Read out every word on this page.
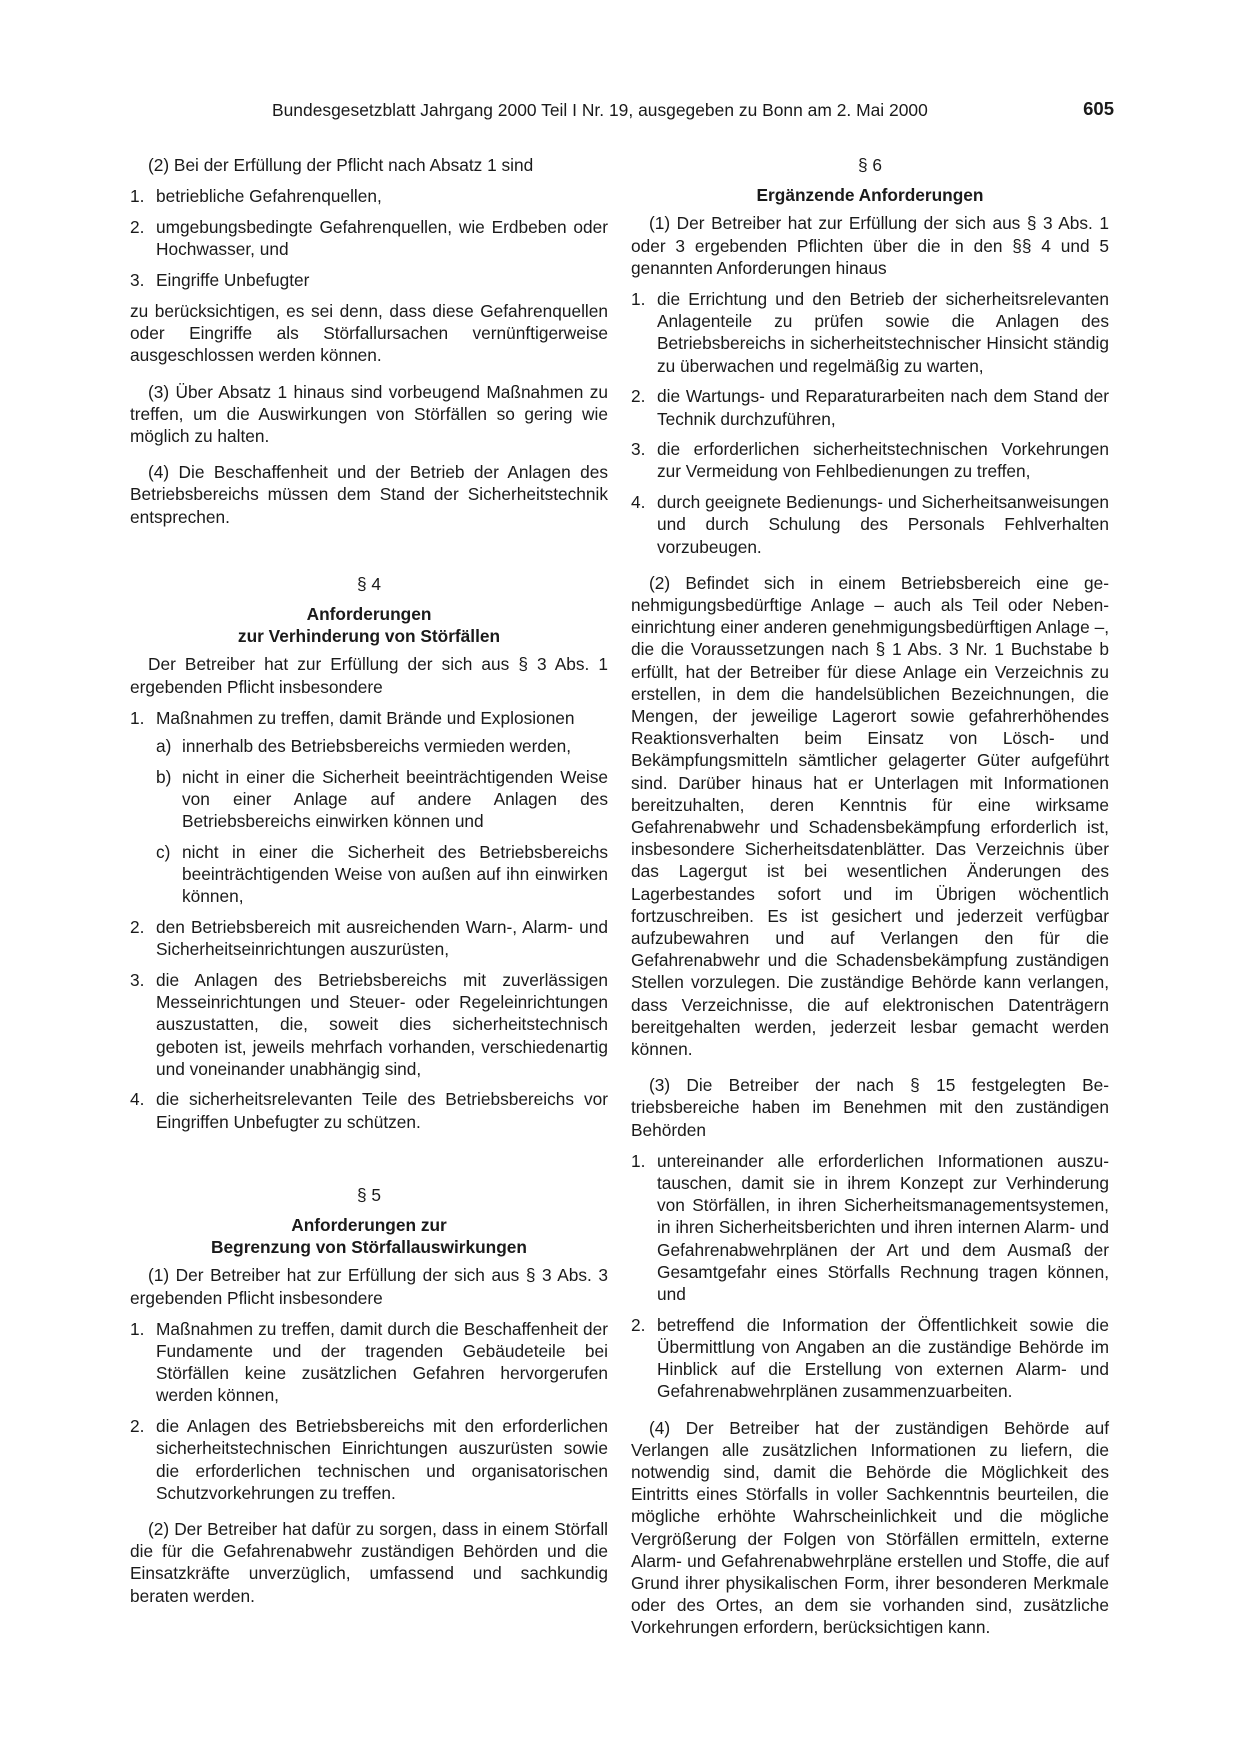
Bundesgesetzblatt Jahrgang 2000 Teil I Nr. 19, ausgegeben zu Bonn am 2. Mai 2000	605

(2) Bei der Erfüllung der Pflicht nach Absatz 1 sind

1. betriebliche Gefahrenquellen,
2. umgebungsbedingte Gefahrenquellen, wie Erdbeben oder Hochwasser, und
3. Eingriffe Unbefugter

zu berücksichtigen, es sei denn, dass diese Gefahrenquellen oder Eingriffe als Störfallursachen vernünftigerweise ausgeschlossen werden können.

(3) Über Absatz 1 hinaus sind vorbeugend Maßnahmen zu treffen, um die Auswirkungen von Störfällen so gering wie möglich zu halten.

(4) Die Beschaffenheit und der Betrieb der Anlagen des Betriebsbereichs müssen dem Stand der Sicherheitstechnik entsprechen.

§ 4
Anforderungen
zur Verhinderung von Störfällen

Der Betreiber hat zur Erfüllung der sich aus § 3 Abs. 1 ergebenden Pflicht insbesondere

1. Maßnahmen zu treffen, damit Brände und Explosionen
a) innerhalb des Betriebsbereichs vermieden werden,
b) nicht in einer die Sicherheit beeinträchtigenden Weise von einer Anlage auf andere Anlagen des Betriebsbereichs einwirken können und
c) nicht in einer die Sicherheit des Betriebsbereichs beeinträchtigenden Weise von außen auf ihn einwirken können,
2. den Betriebsbereich mit ausreichenden Warn-, Alarm- und Sicherheitseinrichtungen auszurüsten,
3. die Anlagen des Betriebsbereichs mit zuverlässigen Messeinrichtungen und Steuer- oder Regeleinrichtungen auszustatten, die, soweit dies sicherheitstechnisch geboten ist, jeweils mehrfach vorhanden, verschiedenartig und voneinander unabhängig sind,
4. die sicherheitsrelevanten Teile des Betriebsbereichs vor Eingriffen Unbefugter zu schützen.
§ 5
Anforderungen zur
Begrenzung von Störfallauswirkungen

(1) Der Betreiber hat zur Erfüllung der sich aus § 3 Abs. 3 ergebenden Pflicht insbesondere

1. Maßnahmen zu treffen, damit durch die Beschaffenheit der Fundamente und der tragenden Gebäudeteile bei Störfällen keine zusätzlichen Gefahren hervorgerufen werden können,
2. die Anlagen des Betriebsbereichs mit den erforderlichen sicherheitstechnischen Einrichtungen auszurüsten sowie die erforderlichen technischen und organisatorischen Schutzvorkehrungen zu treffen.

(2) Der Betreiber hat dafür zu sorgen, dass in einem Störfall die für die Gefahrenabwehr zuständigen Behörden und die Einsatzkräfte unverzüglich, umfassend und sachkundig beraten werden.

§ 6
Ergänzende Anforderungen

(1) Der Betreiber hat zur Erfüllung der sich aus § 3 Abs. 1 oder 3 ergebenden Pflichten über die in den §§ 4 und 5 genannten Anforderungen hinaus

1. die Errichtung und den Betrieb der sicherheitsrelevanten Anlagenteile zu prüfen sowie die Anlagen des Betriebsbereichs in sicherheitstechnischer Hinsicht ständig zu überwachen und regelmäßig zu warten,
2. die Wartungs- und Reparaturarbeiten nach dem Stand der Technik durchzuführen,
3. die erforderlichen sicherheitstechnischen Vorkehrungen zur Vermeidung von Fehlbedienungen zu treffen,
4. durch geeignete Bedienungs- und Sicherheitsanweisungen und durch Schulung des Personals Fehlverhalten vorzubeugen.

(2) Befindet sich in einem Betriebsbereich eine genehmigungsbedürftige Anlage – auch als Teil oder Nebeneinrichtung einer anderen genehmigungsbedürftigen Anlage –, die die Voraussetzungen nach § 1 Abs. 3 Nr. 1 Buchstabe b erfüllt, hat der Betreiber für diese Anlage ein Verzeichnis zu erstellen, in dem die handelsüblichen Bezeichnungen, die Mengen, der jeweilige Lagerort sowie gefahrerhöhendes Reaktionsverhalten beim Einsatz von Lösch- und Bekämpfungsmitteln sämtlicher gelagerter Güter aufgeführt sind. Darüber hinaus hat er Unterlagen mit Informationen bereitzuhalten, deren Kenntnis für eine wirksame Gefahrenabwehr und Schadensbekämpfung erforderlich ist, insbesondere Sicherheitsdatenblätter. Das Verzeichnis über das Lagergut ist bei wesentlichen Änderungen des Lagerbestandes sofort und im Übrigen wöchentlich fortzuschreiben. Es ist gesichert und jederzeit verfügbar aufzubewahren und auf Verlangen den für die Gefahrenabwehr und die Schadensbekämpfung zuständigen Stellen vorzulegen. Die zuständige Behörde kann verlangen, dass Verzeichnisse, die auf elektronischen Datenträgern bereitgehalten werden, jederzeit lesbar gemacht werden können.

(3) Die Betreiber der nach § 15 festgelegten Betriebsbereiche haben im Benehmen mit den zuständigen Behörden

1. untereinander alle erforderlichen Informationen auszutauschen, damit sie in ihrem Konzept zur Verhinderung von Störfällen, in ihren Sicherheitsmanagementsystemen, in ihren Sicherheitsberichten und ihren internen Alarm- und Gefahrenabwehrplänen der Art und dem Ausmaß der Gesamtgefahr eines Störfalls Rechnung tragen können, und
2. betreffend die Information der Öffentlichkeit sowie die Übermittlung von Angaben an die zuständige Behörde im Hinblick auf die Erstellung von externen Alarm- und Gefahrenabwehrplänen zusammenzuarbeiten.

(4) Der Betreiber hat der zuständigen Behörde auf Verlangen alle zusätzlichen Informationen zu liefern, die notwendig sind, damit die Behörde die Möglichkeit des Eintritts eines Störfalls in voller Sachkenntnis beurteilen, die mögliche erhöhte Wahrscheinlichkeit und die mögliche Vergrößerung der Folgen von Störfällen ermitteln, externe Alarm- und Gefahrenabwehrpläne erstellen und Stoffe, die auf Grund ihrer physikalischen Form, ihrer besonderen Merkmale oder des Ortes, an dem sie vorhanden sind, zusätzliche Vorkehrungen erfordern, berücksichtigen kann.
